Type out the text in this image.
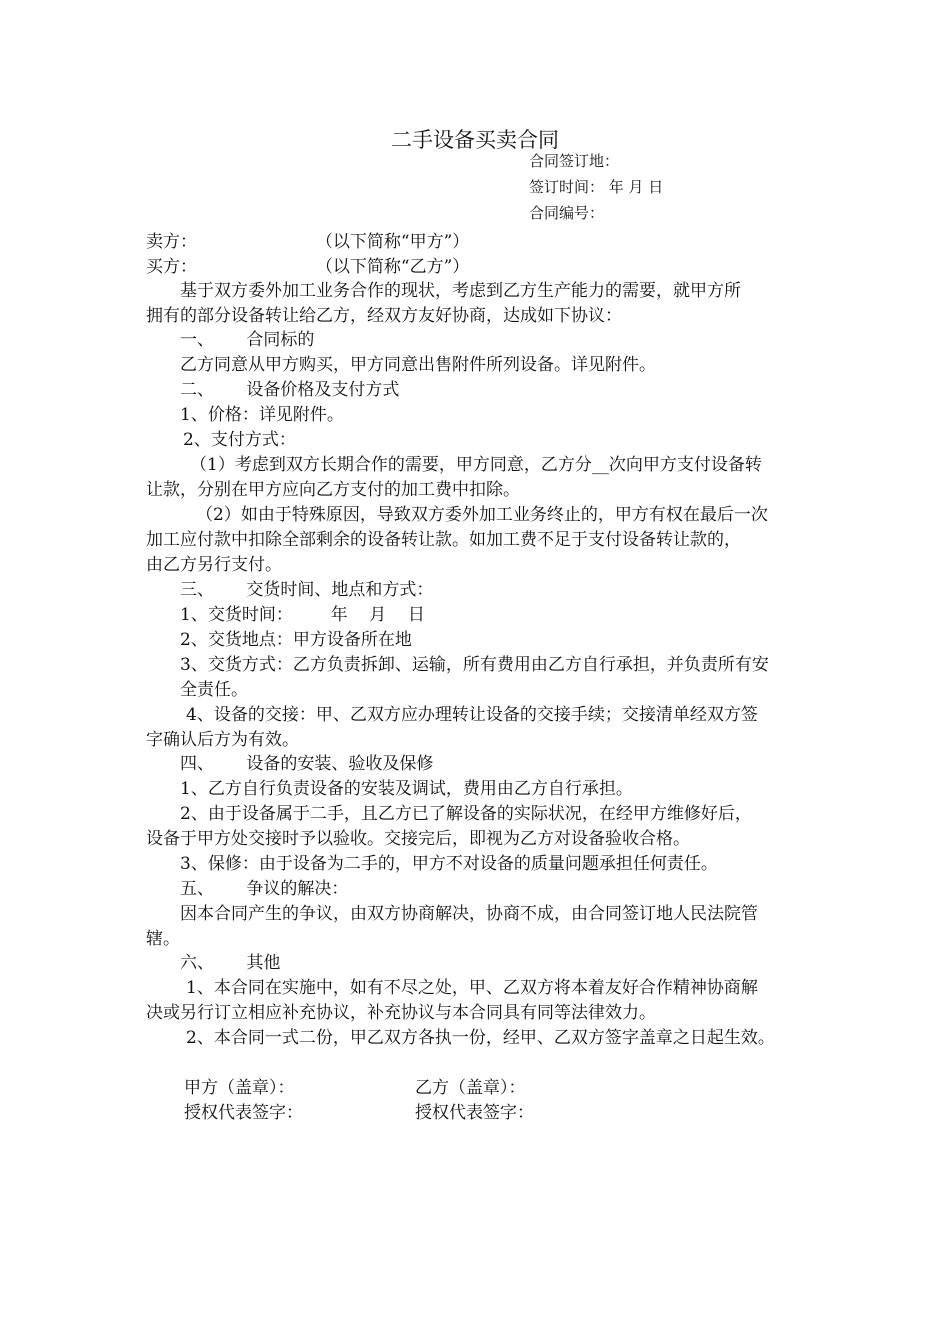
二手设备买卖合同
合同签订地：
签订时间： 年 月 日
合同编号：
卖方：                      （以下简称“甲方”）
买方：                      （以下简称“乙方”）
基于双方委外加工业务合作的现状，考虑到乙方生产能力的需要，就甲方所
拥有的部分设备转让给乙方，经双方友好协商，达成如下协议：
一、      合同标的
乙方同意从甲方购买，甲方同意出售附件所列设备。详见附件。
二、      设备价格及支付方式
1、价格：详见附件。
2、支付方式：
（1）考虑到双方长期合作的需要，甲方同意，乙方分__次向甲方支付设备转
让款，分别在甲方应向乙方支付的加工费中扣除。
（2）如由于特殊原因，导致双方委外加工业务终止的，甲方有权在最后一次
加工应付款中扣除全部剩余的设备转让款。如加工费不足于支付设备转让款的，
由乙方另行支付。
三、      交货时间、地点和方式：
1、交货时间：       年    月    日
2、交货地点：甲方设备所在地
3、交货方式：乙方负责拆卸、运输，所有费用由乙方自行承担，并负责所有安
全责任。
4、设备的交接：甲、乙双方应办理转让设备的交接手续；交接清单经双方签
字确认后方为有效。
四、      设备的安装、验收及保修
1、乙方自行负责设备的安装及调试，费用由乙方自行承担。
2、由于设备属于二手，且乙方已了解设备的实际状况，在经甲方维修好后，
设备于甲方处交接时予以验收。交接完后，即视为乙方对设备验收合格。
3、保修：由于设备为二手的，甲方不对设备的质量问题承担任何责任。
五、      争议的解决：
因本合同产生的争议，由双方协商解决，协商不成，由合同签订地人民法院管
辖。
六、      其他
1、本合同在实施中，如有不尽之处，甲、乙双方将本着友好合作精神协商解
决或另行订立相应补充协议，补充协议与本合同具有同等法律效力。
2、本合同一式二份，甲乙双方各执一份，经甲、乙双方签字盖章之日起生效。
甲方（盖章）：
授权代表签字：
乙方（盖章）：
授权代表签字：
